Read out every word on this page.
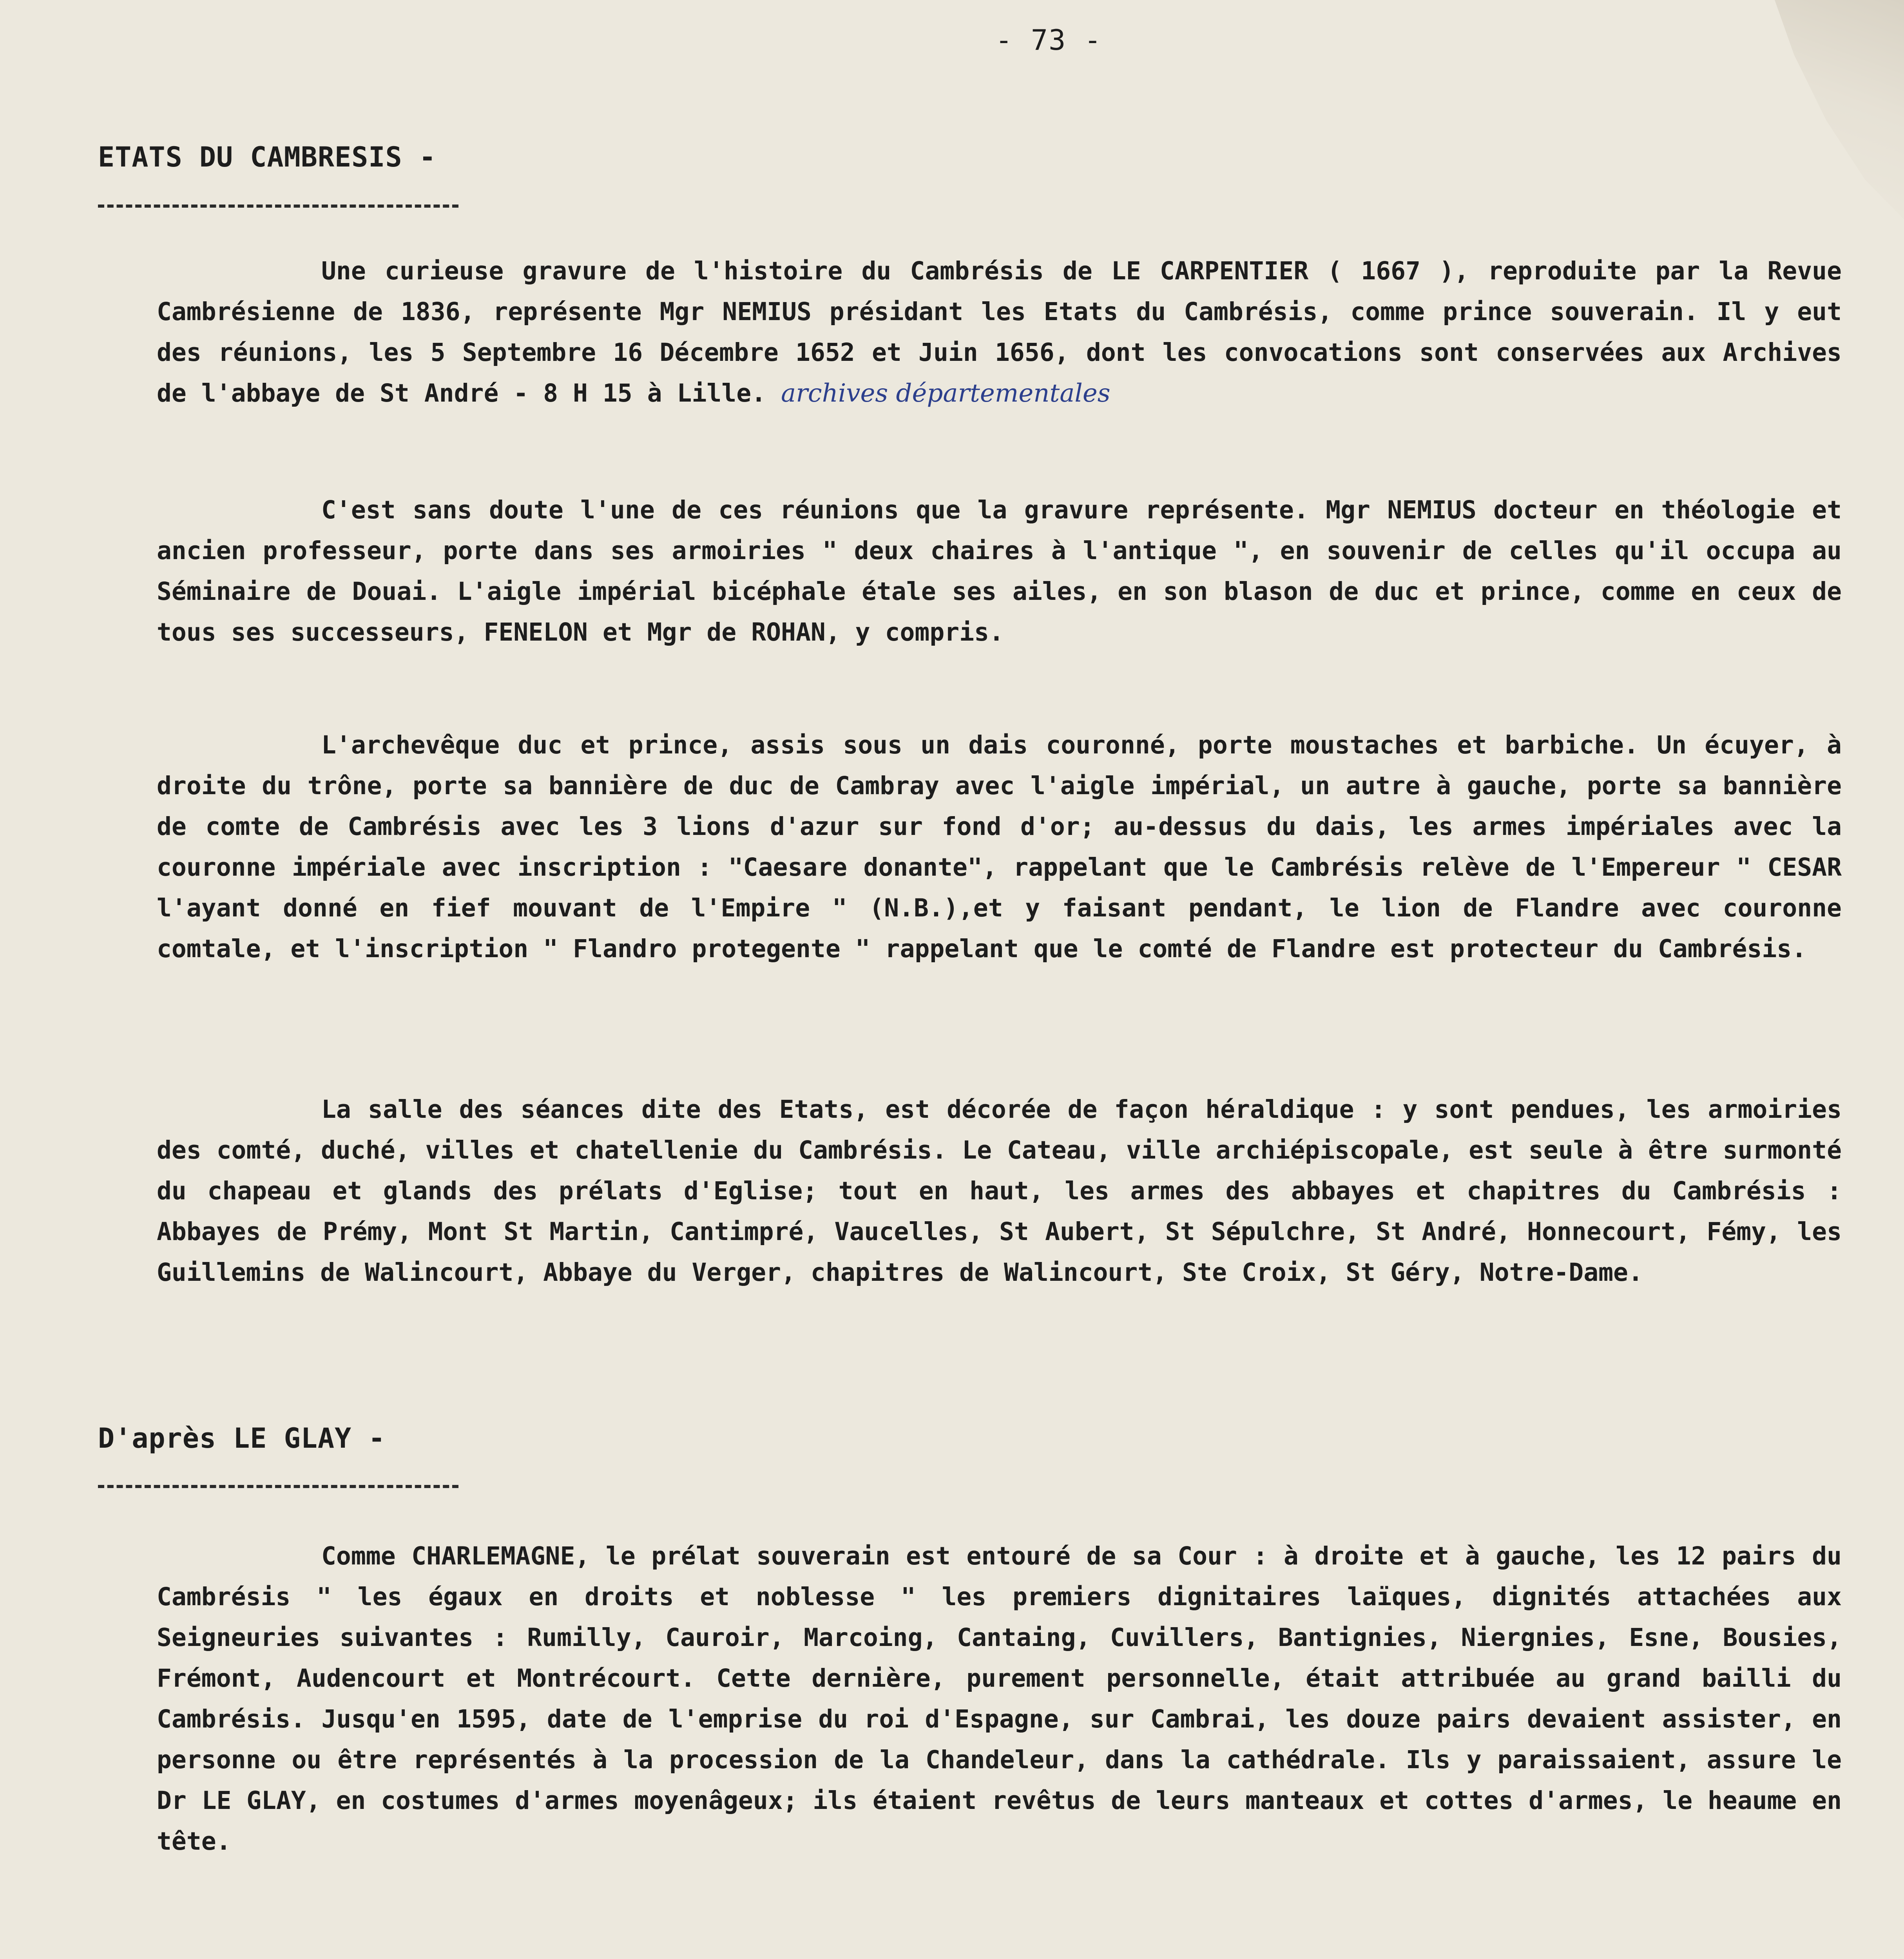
- 73 -
ETATS DU CAMBRESIS -

Une curieuse gravure de l'histoire du Cambrésis de LE CARPENTIER ( 1667 ), reproduite par la Revue Cambrésienne de 1836, représente Mgr NEMIUS présidant les Etats du Cambrésis, comme prince souverain. Il y eut des réunions, les 5 Septembre 16 Décembre 1652 et Juin 1656, dont les convocations sont conservées aux Archives de l'abbaye de St André - 8 H 15 à Lille. archives départementales

C'est sans doute l'une de ces réunions que la gravure représente. Mgr NEMIUS docteur en théologie et ancien professeur, porte dans ses armoiries " deux chaires à l'antique ", en souvenir de celles qu'il occupa au Séminaire de Douai. L'aigle impérial bicéphale étale ses ailes, en son blason de duc et prince, comme en ceux de tous ses successeurs, FENELON et Mgr de ROHAN, y compris.

L'archevêque duc et prince, assis sous un dais couronné, porte moustaches et barbiche. Un écuyer, à droite du trône, porte sa bannière de duc de Cambray avec l'aigle impérial, un autre à gauche, porte sa bannière de comte de Cambrésis avec les 3 lions d'azur sur fond d'or; au-dessus du dais, les armes impériales avec la couronne impériale avec inscription : "Caesare donante", rappelant que le Cambrésis relève de l'Empereur " CESAR l'ayant donné en fief mouvant de l'Empire " (N.B.),et y faisant pendant, le lion de Flandre avec couronne comtale, et l'inscription " Flandro protegente " rappelant que le comté de Flandre est protecteur du Cambrésis.

La salle des séances dite des Etats, est décorée de façon héraldique : y sont pendues, les armoiries des comté, duché, villes et chatellenie du Cambrésis. Le Cateau, ville archiépiscopale, est seule à être surmonté du chapeau et glands des prélats d'Eglise; tout en haut, les armes des abbayes et chapitres du Cambrésis : Abbayes de Prémy, Mont St Martin, Cantimpré, Vaucelles, St Aubert, St Sépulchre, St André, Honnecourt, Fémy, les Guillemins de Walincourt, Abbaye du Verger, chapitres de Walincourt, Ste Croix, St Géry, Notre-Dame.

D'après LE GLAY -

Comme CHARLEMAGNE, le prélat souverain est entouré de sa Cour : à droite et à gauche, les 12 pairs du Cambrésis " les égaux en droits et noblesse " les premiers dignitaires laïques, dignités attachées aux Seigneuries suivantes : Rumilly, Cauroir, Marcoing, Cantaing, Cuvillers, Bantignies, Niergnies, Esne, Bousies, Frémont, Audencourt et Montrécourt. Cette dernière, purement personnelle, était attribuée au grand bailli du Cambrésis. Jusqu'en 1595, date de l'emprise du roi d'Espagne, sur Cambrai, les douze pairs devaient assister, en personne ou être représentés à la procession de la Chandeleur, dans la cathédrale. Ils y paraissaient, assure le Dr LE GLAY, en costumes d'armes moyenâgeux; ils étaient revêtus de leurs manteaux et cottes d'armes, le heaume en tête.
